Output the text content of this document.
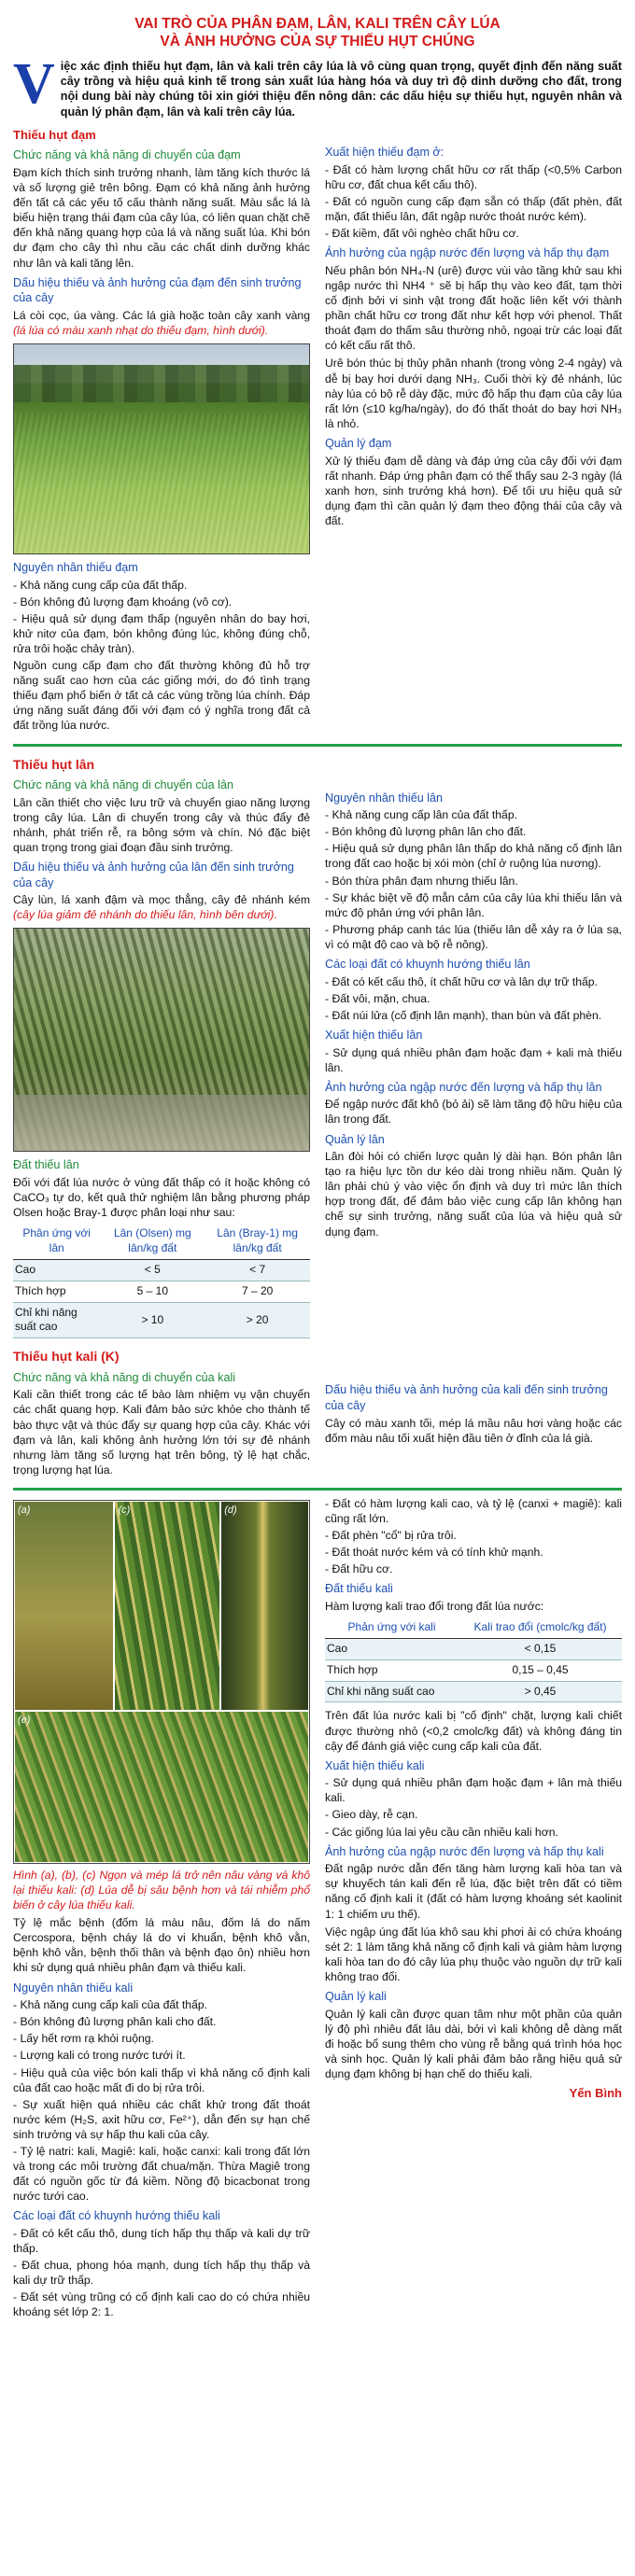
VAI TRÒ CỦA PHÂN ĐẠM, LÂN, KALI TRÊN CÂY LÚA
VÀ ẢNH HƯỞNG CỦA SỰ THIẾU HỤT CHÚNG
V iệc xác định thiếu hụt đạm, lân và kali trên cây lúa là vô cùng quan trọng, quyết định đến năng suất cây trồng và hiệu quả kinh tế trong sản xuất lúa hàng hóa và duy trì độ dinh dưỡng cho đất, trong nội dung bài này chúng tôi xin giới thiệu đến nông dân: các dấu hiệu sự thiếu hụt, nguyên nhân và quản lý phân đạm, lân và kali trên cây lúa.
Thiếu hụt đạm
Chức năng và khả năng di chuyển của đạm

Đạm kích thích sinh trưởng nhanh, làm tăng kích thước lá và số lượng giẻ trên bông. Đạm có khả năng ảnh hưởng đến tất cả các yếu tố cấu thành năng suất. Màu sắc lá là biểu hiện trạng thái đạm của cây lúa, có liên quan chặt chẽ đến khả năng quang hợp của lá và năng suất lúa. Khi bón dư đạm cho cây thì nhu cầu các chất dinh dưỡng khác như lân và kali tăng lên.

Dấu hiệu thiếu và ảnh hưởng của đạm đến sinh trưởng của cây

Lá còi cọc, úa vàng. Các lá già hoặc toàn cây xanh vàng (lá lúa có màu xanh nhạt do thiếu đạm, hình dưới).

Nguyên nhân thiếu đạm
- Khả năng cung cấp của đất thấp.
- Bón không đủ lượng đạm khoáng (vô cơ).
- Hiệu quả sử dụng đạm thấp (nguyên nhân do bay hơi, khử nitơ của đạm, bón không đúng lúc, không đúng chỗ, rửa trôi hoặc chảy tràn).

Nguồn cung cấp đạm cho đất thường không đủ hỗ trợ năng suất cao hơn của các giống mới, do đó tình trạng thiếu đạm phổ biến ở tất cả các vùng trồng lúa chính. Đáp ứng năng suất đáng đối với đạm có ý nghĩa trong đất cả đất trồng lúa nước.

Xuất hiện thiếu đạm ở:
- Đất có hàm lượng chất hữu cơ rất thấp (<0,5% Carbon hữu cơ, đất chua kết cấu thô).
- Đất có nguồn cung cấp đạm sẵn có thấp (đất phèn, đất mặn, đất thiếu lân, đất ngập nước thoát nước kém).
- Đất kiềm, đất vôi nghèo chất hữu cơ.
Ảnh hưởng của ngập nước đến lượng và hấp thụ đạm

Nếu phân bón NH₄-N (urê) được vùi vào tầng khử sau khi ngập nước thì NH4 ⁺ sẽ bị hấp thụ vào keo đất, tạm thời cố định bởi vi sinh vật trong đất hoặc liên kết với thành phần chất hữu cơ trong đất như kết hợp với phenol. Thất thoát đạm do thấm sâu thường nhỏ, ngoại trừ các loại đất có kết cấu rất thô.

Urê bón thúc bị thủy phân nhanh (trong vòng 2-4 ngày) và dễ bị bay hơi dưới dạng NH₃. Cuối thời kỳ đẻ nhánh, lúc này lúa có bộ rễ dày đặc, mức độ hấp thu đạm của cây lúa rất lớn (≤10 kg/ha/ngày), do đó thất thoát do bay hơi NH₃ là nhỏ.

Quản lý đạm

Xử lý thiếu đạm dễ dàng và đáp ứng của cây đối với đạm rất nhanh. Đáp ứng phân đạm có thể thấy sau 2-3 ngày (lá xanh hơn, sinh trưởng khá hơn). Để tối ưu hiệu quả sử dụng đạm thì cần quản lý đạm theo động thái của cây và đất.

Thiếu hụt lân
Chức năng và khả năng di chuyển của lân

Lân cần thiết cho việc lưu trữ và chuyển giao năng lượng trong cây lúa. Lân di chuyển trong cây và thúc đẩy đẻ nhánh, phát triển rễ, ra bông sớm và chín. Nó đặc biệt quan trọng trong giai đoạn đầu sinh trưởng.

Dấu hiệu thiếu và ảnh hưởng của lân đến sinh trưởng của cây

Cây lùn, lá xanh đậm và mọc thẳng, cây đẻ nhánh kém (cây lúa giảm đẻ nhánh do thiếu lân, hình bên dưới).

Đất thiếu lân

Đối với đất lúa nước ở vùng đất thấp có ít hoặc không có CaCO₃ tự do, kết quả thử nghiệm lân bằng phương pháp Olsen hoặc Bray-1 được phân loại như sau:

Phân ứng với lân	Lân (Olsen) mg lân/kg đất	Lân (Bray-1) mg lân/kg đất
Cao	< 5	< 7
Thích hợp	5 – 10	7 – 20
Chỉ khi năng suất cao	> 10	> 20
Nguyên nhân thiếu lân
- Khả năng cung cấp lân của đất thấp.
- Bón không đủ lượng phân lân cho đất.
- Hiệu quả sử dụng phân lân thấp do khả năng cố định lân trong đất cao hoặc bị xói mòn (chỉ ở ruộng lúa nương).
- Bón thừa phân đạm nhưng thiếu lân.
- Sự khác biệt về độ mẫn cảm của cây lúa khi thiếu lân và mức độ phản ứng với phân lân.
- Phương pháp canh tác lúa (thiếu lân dễ xảy ra ở lúa sạ, vì có mật độ cao và bộ rễ nông).
Các loại đất có khuynh hướng thiếu lân
- Đất có kết cấu thô, ít chất hữu cơ và lân dự trữ thấp.
- Đất vôi, mặn, chua.
- Đất núi lửa (cố định lân mạnh), than bùn và đất phèn.
Xuất hiện thiếu lân
- Sử dụng quá nhiều phân đạm hoặc đạm + kali mà thiếu lân.
Ảnh hưởng của ngập nước đến lượng và hấp thụ lân

Để ngập nước đất khô (bỏ ải) sẽ làm tăng độ hữu hiệu của lân trong đất.

Quản lý lân

Lân đòi hỏi có chiến lược quản lý dài hạn. Bón phân lân tạo ra hiệu lực tồn dư kéo dài trong nhiều năm. Quản lý lân phải chú ý vào việc ổn định và duy trì mức lân thích hợp trong đất, để đảm bảo việc cung cấp lân không hạn chế sự sinh trưởng, năng suất của lúa và hiệu quả sử dụng đạm.

Thiếu hụt kali (K)
Chức năng và khả năng di chuyển của kali

Kali cần thiết trong các tế bào làm nhiệm vụ vận chuyển các chất quang hợp. Kali đảm bảo sức khỏe cho thành tế bào thực vật và thúc đẩy sự quang hợp của cây. Khác với đạm và lân, kali không ảnh hưởng lớn tới sự đẻ nhánh nhưng làm tăng số lượng hạt trên bông, tỷ lệ hạt chắc, trọng lượng hạt lúa.

Dấu hiệu thiếu và ảnh hưởng của kali đến sinh trưởng của cây

Cây có màu xanh tối, mép lá mầu nâu hơi vàng hoặc các đốm màu nâu tối xuất hiện đầu tiên ở đỉnh của lá già.

(a)	(c)	(d)
(e)

Hình (a), (b), (c) Ngọn và mép lá trở nên nâu vàng và khô lại thiếu kali: (d) Lúa dễ bị sâu bệnh hơn và tái nhiễm phổ biến ở cây lúa thiếu kali.

Tỷ lệ mắc bệnh (đốm lá màu nâu, đốm lá do nấm Cercospora, bệnh cháy lá do vi khuẩn, bệnh khô vằn, bệnh khô vằn, bệnh thối thân và bệnh đạo ôn) nhiều hơn khi sử dụng quá nhiều phân đạm và thiếu kali.

Nguyên nhân thiếu kali
- Khả năng cung cấp kali của đất thấp.
- Bón không đủ lượng phân kali cho đất.
- Lấy hết rơm rạ khỏi ruộng.
- Lượng kali có trong nước tưới ít.
- Hiệu quả của việc bón kali thấp vì khả năng cố định kali của đất cao hoặc mất đi do bị rửa trôi.
- Sự xuất hiện quá nhiều các chất khử trong đất thoát nước kém (H₂S, axit hữu cơ, Fe²⁺), dẫn đến sự hạn chế sinh trưởng và sự hấp thu kali của cây.
- Tỷ lệ natri: kali, Magiê: kali, hoặc canxi: kali trong đất lớn và trong các môi trường đất chua/mặn. Thừa Magiê trong đất có nguồn gốc từ đá kiềm. Nồng độ bicacbonat trong nước tưới cao.
Các loại đất có khuynh hướng thiếu kali
- Đất có kết cấu thô, dung tích hấp thụ thấp và kali dự trữ thấp.
- Đất chua, phong hóa mạnh, dung tích hấp thụ thấp và kali dự trữ thấp.
- Đất sét vùng trũng có cố định kali cao do có chứa nhiều khoáng sét lớp 2: 1.
- Đất có hàm lượng kali cao, và tỷ lệ (canxi + magiê): kali cũng rất lớn.
- Đất phèn "cổ" bị rửa trôi.
- Đất thoát nước kém và có tính khử mạnh.
- Đất hữu cơ.
Đất thiếu kali

Hàm lượng kali trao đổi trong đất lúa nước:

Phản ứng với kali	Kali trao đổi (cmolc/kg đất)
Cao	< 0,15
Thích hợp	0,15 – 0,45
Chỉ khi năng suất cao	> 0,45

Trên đất lúa nước kali bị "cố định" chặt, lượng kali chiết được thường nhỏ (<0,2 cmolc/kg đất) và không đáng tin cậy để đánh giá việc cung cấp kali của đất.

Xuất hiện thiếu kali
- Sử dụng quá nhiều phân đạm hoặc đạm + lân mà thiếu kali.
- Gieo dày, rễ cạn.
- Các giống lúa lai yêu cầu cần nhiều kali hơn.
Ảnh hưởng của ngập nước đến lượng và hấp thụ kali

Đất ngập nước dẫn đến tăng hàm lượng kali hòa tan và sự khuyếch tán kali đến rễ lúa, đặc biệt trên đất có tiềm năng cố định kali ít (đất có hàm lượng khoáng sét kaolinit 1: 1 chiếm ưu thế).

Việc ngập úng đất lúa khô sau khi phơi ải có chứa khoáng sét 2: 1 làm tăng khả năng cố định kali và giảm hàm lượng kali hòa tan do đó cây lúa phụ thuộc vào nguồn dự trữ kali không trao đổi.

Quản lý kali

Quản lý kali cần được quan tâm như một phần của quản lý độ phì nhiêu đất lâu dài, bởi vì kali không dễ dàng mất đi hoặc bổ sung thêm cho vùng rễ bằng quá trình hóa học và sinh học. Quản lý kali phải đảm bảo rằng hiệu quả sử dụng đạm không bị hạn chế do thiếu kali.

Yến Bình
